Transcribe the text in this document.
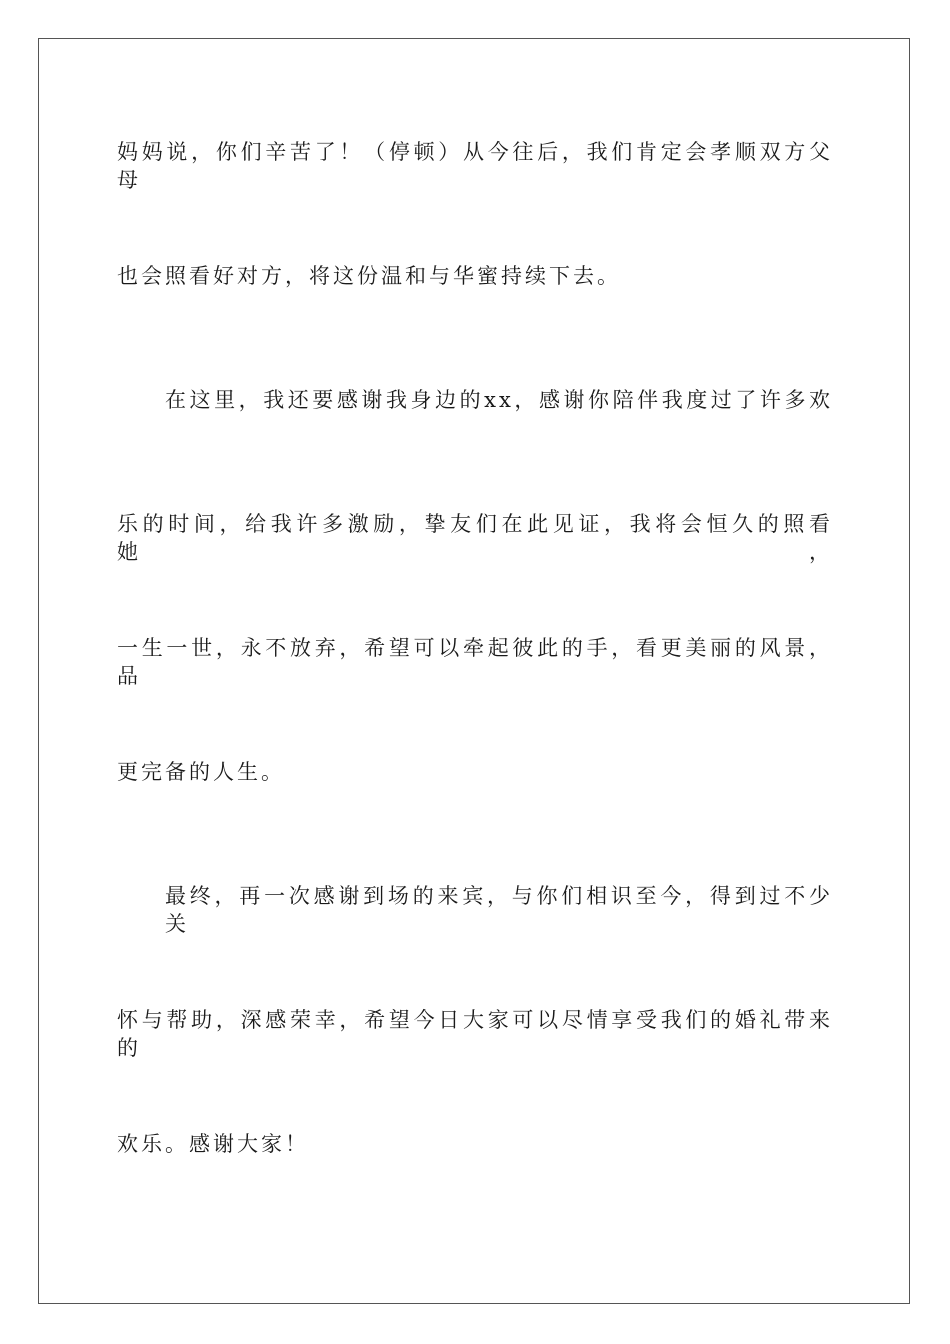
妈妈说，你们辛苦了！（停顿）从今往后，我们肯定会孝顺双方父母
也会照看好对方，将这份温和与华蜜持续下去。
在这里，我还要感谢我身边的xx，感谢你陪伴我度过了许多欢
乐的时间，给我许多激励，挚友们在此见证，我将会恒久的照看她，
一生一世，永不放弃，希望可以牵起彼此的手，看更美丽的风景，品
更完备的人生。
最终，再一次感谢到场的来宾，与你们相识至今，得到过不少关
怀与帮助，深感荣幸，希望今日大家可以尽情享受我们的婚礼带来的
欢乐。感谢大家！
